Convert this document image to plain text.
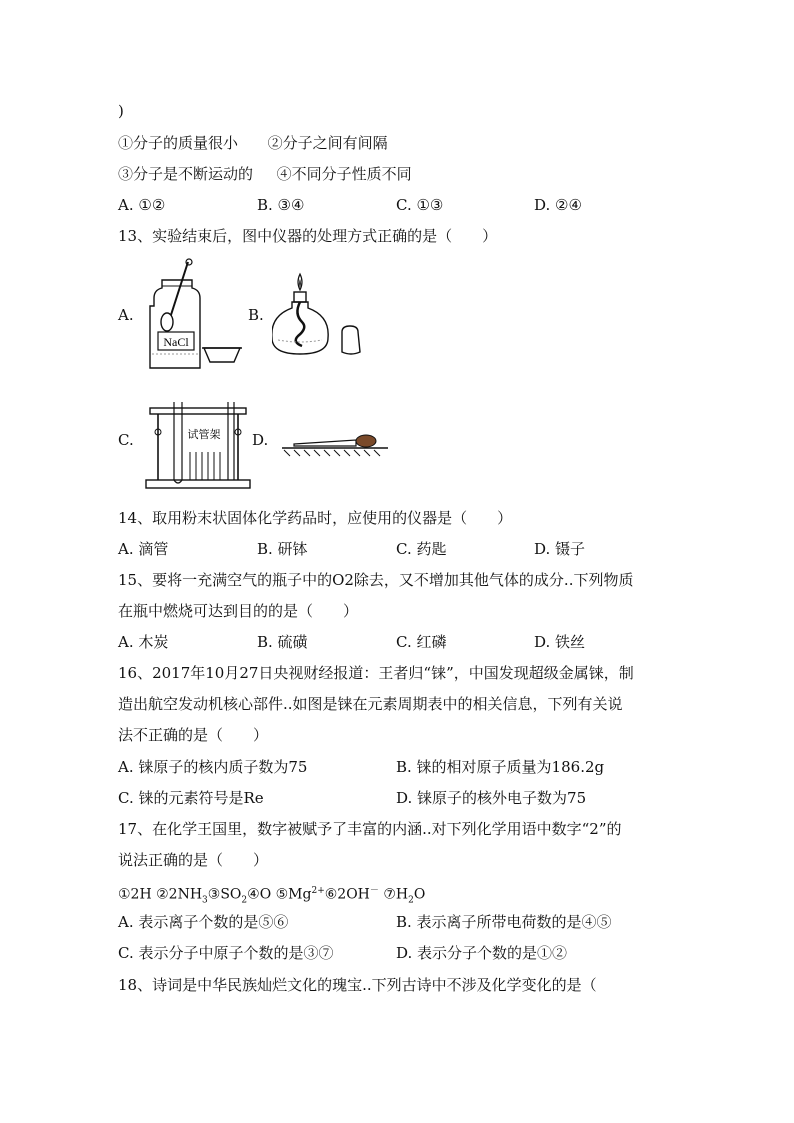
)
①分子的质量很小 ②分子之间有间隔
③分子是不断运动的 ④不同分子性质不同
A. ①②	B. ③④	C. ①③	D. ②④
13、实验结束后，图中仪器的处理方式正确的是（　　）
A.
NaCl
B.
C.	试管架 D.
14、取用粉末状固体化学药品时，应使用的仪器是（　　）
A. 滴管	B. 研钵	C. 药匙	D. 镊子
15、要将一充满空气的瓶子中的O2除去，又不增加其他气体的成分..下列物质
在瓶中燃烧可达到目的的是（　　）
A. 木炭	B. 硫磺	C. 红磷	D. 铁丝
16、2017年10月27日央视财经报道：王者归“铼”，中国发现超级金属铼，制
造出航空发动机核心部件..如图是铼在元素周期表中的相关信息，下列有关说
法不正确的是（　　）
A. 铼原子的核内质子数为75	B. 铼的相对原子质量为186.2g
C. 铼的元素符号是Re	D. 铼原子的核外电子数为75
17、在化学王国里，数字被赋予了丰富的内涵..对下列化学用语中数字“2”的
说法正确的是（　　）
①2H $②2NH_3③SO_2④O$ $⑤Mg^{2+}⑥2OH^-$ $⑦H_2O$
A. 表示离子个数的是⑤⑥	B. 表示离子所带电荷数的是④⑤
C. 表示分子中原子个数的是③⑦	D. 表示分子个数的是①②
18、诗词是中华民族灿烂文化的瑰宝..下列古诗中不涉及化学变化的是（
